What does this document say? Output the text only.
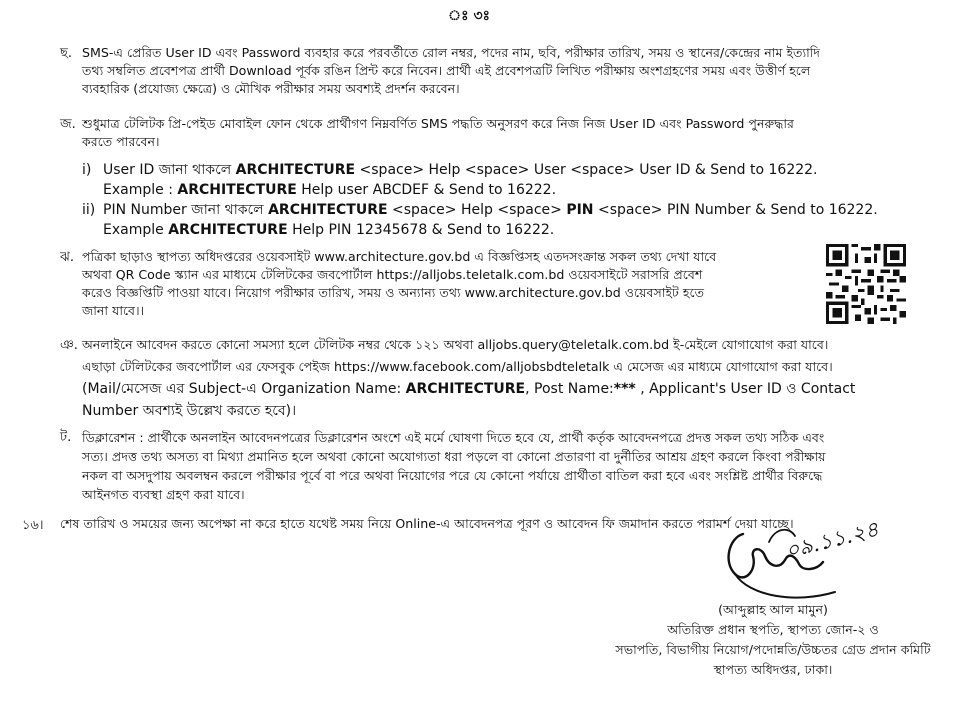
ঃ ৩ঃ
ছ. SMS-এ প্রেরিত User ID এবং Password ব্যবহার করে পরবর্তীতে রোল নম্বর, পদের নাম, ছবি, পরীক্ষার তারিখ, সময় ও স্থানের/কেন্দ্রের নাম ইত্যাদি
তথ্য সম্বলিত প্রবেশপত্র প্রার্থী Download পূর্বক রঙিন প্রিন্ট করে নিবেন। প্রার্থী এই প্রবেশপত্রটি লিখিত পরীক্ষায় অংশগ্রহণের সময় এবং উত্তীর্ণ হলে
ব্যবহারিক (প্রযোজ্য ক্ষেত্রে) ও মৌখিক পরীক্ষার সময় অবশ্যই প্রদর্শন করবেন।
জ. শুধুমাত্র টেলিটক প্রি-পেইড মোবাইল ফোন থেকে প্রার্থীগণ নিম্নবর্ণিত SMS পদ্ধতি অনুসরণ করে নিজ নিজ User ID এবং Password পুনরুদ্ধার
করতে পারবেন।
i) User ID জানা থাকলে ARCHITECTURE <space> Help <space> User <space> User ID & Send to 16222.
Example : ARCHITECTURE Help user ABCDEF & Send to 16222.
ii) PIN Number জানা থাকলে ARCHITECTURE <space> Help <space> PIN <space> PIN Number & Send to 16222.
Example ARCHITECTURE Help PIN 12345678 & Send to 16222.
ঝ. পত্রিকা ছাড়াও স্থাপত্য অধিদপ্তরের ওয়েবসাইট www.architecture.gov.bd এ বিজ্ঞপ্তিসহ এতদসংক্রান্ত সকল তথ্য দেখা যাবে
অথবা QR Code স্ক্যান এর মাধ্যমে টেলিটকের জবপোর্টাল https://alljobs.teletalk.com.bd ওয়েবসাইটে সরাসরি প্রবেশ
করেও বিজ্ঞপ্তিটি পাওয়া যাবে। নিয়োগ পরীক্ষার তারিখ, সময় ও অন্যান্য তথ্য www.architecture.gov.bd ওয়েবসাইট হতে
জানা যাবে।।
ঞ. অনলাইনে আবেদন করতে কোনো সমস্যা হলে টেলিটক নম্বর থেকে ১২১ অথবা alljobs.query@teletalk.com.bd ই-মেইলে যোগাযোগ করা যাবে।
এছাড়া টেলিটকের জবপোর্টাল এর ফেসবুক পেইজ https://www.facebook.com/alljobsbdteletalk এ মেসেজ এর মাধ্যমে যোগাযোগ করা যাবে।
(Mail/মেসেজ এর Subject-এ Organization Name: ARCHITECTURE, Post Name:*** , Applicant's User ID ও Contact
Number অবশ্যই উল্লেখ করতে হবে)।
ট. ডিক্লারেশন : প্রার্থীকে অনলাইন আবেদনপত্রের ডিক্লারেশন অংশে এই মর্মে ঘোষণা দিতে হবে যে, প্রার্থী কর্তৃক আবেদনপত্রে প্রদত্ত সকল তথ্য সঠিক এবং
সত্য। প্রদত্ত তথ্য অসত্য বা মিথ্যা প্রমানিত হলে অথবা কোনো অযোগ্যতা ধরা পড়লে বা কোনো প্রতারণা বা দুর্নীতির আশ্রয় গ্রহণ করলে কিংবা পরীক্ষায়
নকল বা অসদুপায় অবলম্বন করলে পরীক্ষার পূর্বে বা পরে অথবা নিয়োগের পরে যে কোনো পর্যায়ে প্রার্থীতা বাতিল করা হবে এবং সংশ্লিষ্ট প্রার্থীর বিরুদ্ধে
আইনগত ব্যবস্থা গ্রহণ করা যাবে।
১৬। শেষ তারিখ ও সময়ের জন্য অপেক্ষা না করে হাতে যথেষ্ট সময় নিয়ে Online-এ আবেদনপত্র পূরণ ও আবেদন ফি জমাদান করতে পরামর্শ দেয়া যাচ্ছে।
০৯.১১.২৪
(আব্দুল্লাহ আল মামুন)
অতিরিক্ত প্রধান স্থপতি, স্থাপত্য জোন-২ ও
সভাপতি, বিভাগীয় নিয়োগ/পদোন্নতি/উচ্চতর গ্রেড প্রদান কমিটি
স্থাপত্য অধিদপ্তর, ঢাকা।
